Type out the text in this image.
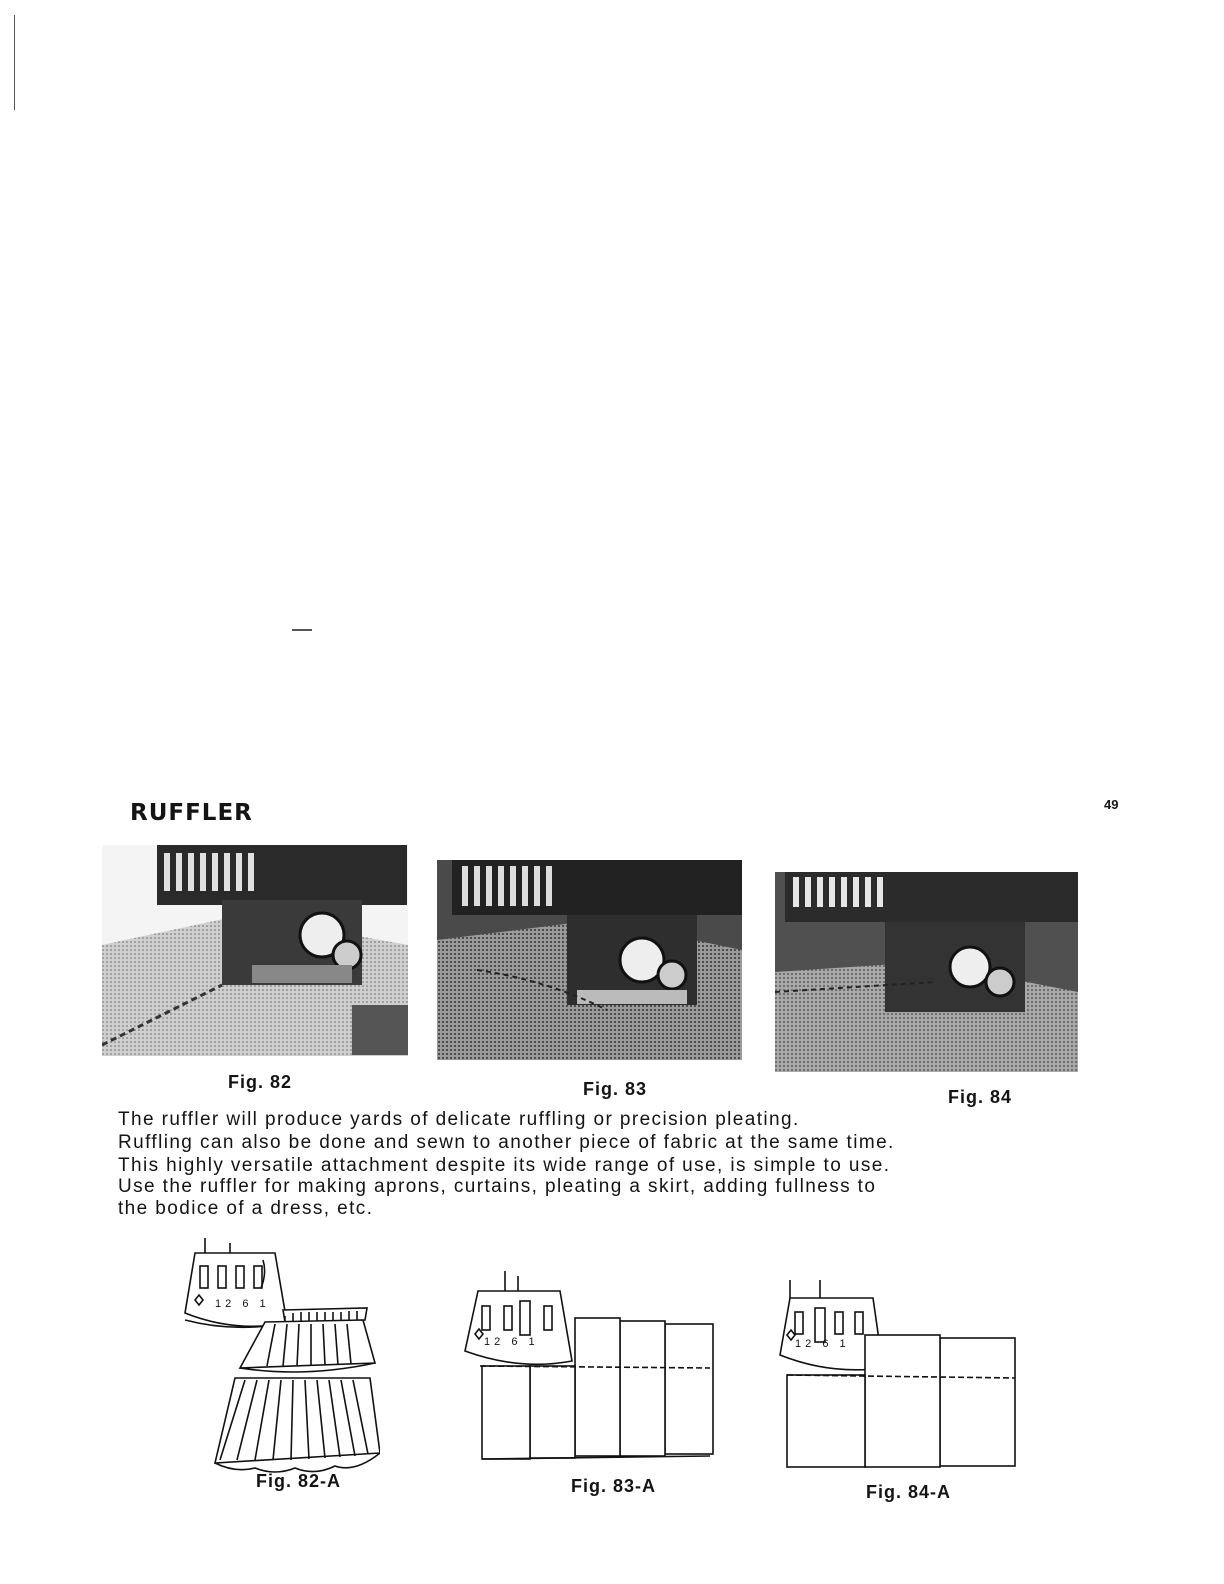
RUFFLER	49
Fig. 82	Fig. 83	Fig. 84
The ruffler will produce yards of delicate ruffling or precision pleating.
Ruffling can also be done and sewn to another piece of fabric at the same time.
This highly versatile attachment despite its wide range of use, is simple to use.
Use the ruffler for making aprons, curtains, pleating a skirt, adding fullness to
the bodice of a dress, etc.
12 6 1
Fig. 82-A
12 6 1
Fig. 83-A
12 6 1
Fig. 84-A
